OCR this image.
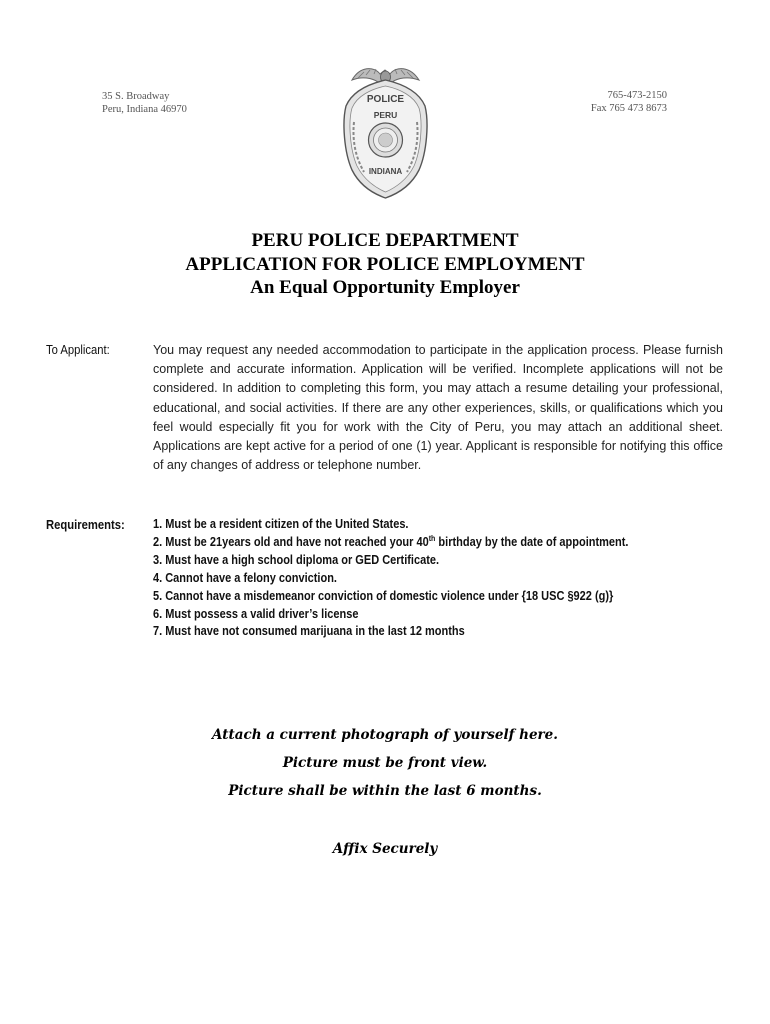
35 S. Broadway
Peru, Indiana 46970
POLICE
PERU
INDIANA
765-473-2150
Fax 765 473 8673
PERU POLICE DEPARTMENT
APPLICATION FOR POLICE EMPLOYMENT
An Equal Opportunity Employer
To Applicant:	You may request any needed accommodation to participate in the application process. Please furnish
complete and accurate information. Application will be verified. Incomplete applications will not be
considered. In addition to completing this form, you may attach a resume detailing your professional,
educational, and social activities. If there are any other experiences, skills, or qualifications which you
feel would especially fit you for work with the City of Peru, you may attach an additional sheet.
Applications are kept active for a period of one (1) year. Applicant is responsible for notifying this office
of any changes of address or telephone number.
Requirements: 1. Must be a resident citizen of the United States.
2. Must be 21years old and have not reached your 40th birthday by the date of appointment.
3. Must have a high school diploma or GED Certificate.
4. Cannot have a felony conviction.
5. Cannot have a misdemeanor conviction of domestic violence under {18 USC §922 (g)}
6. Must possess a valid driver’s license
7. Must have not consumed marijuana in the last 12 months
Attach a current photograph of yourself here.
Picture must be front view.
Picture shall be within the last 6 months.
Affix Securely
